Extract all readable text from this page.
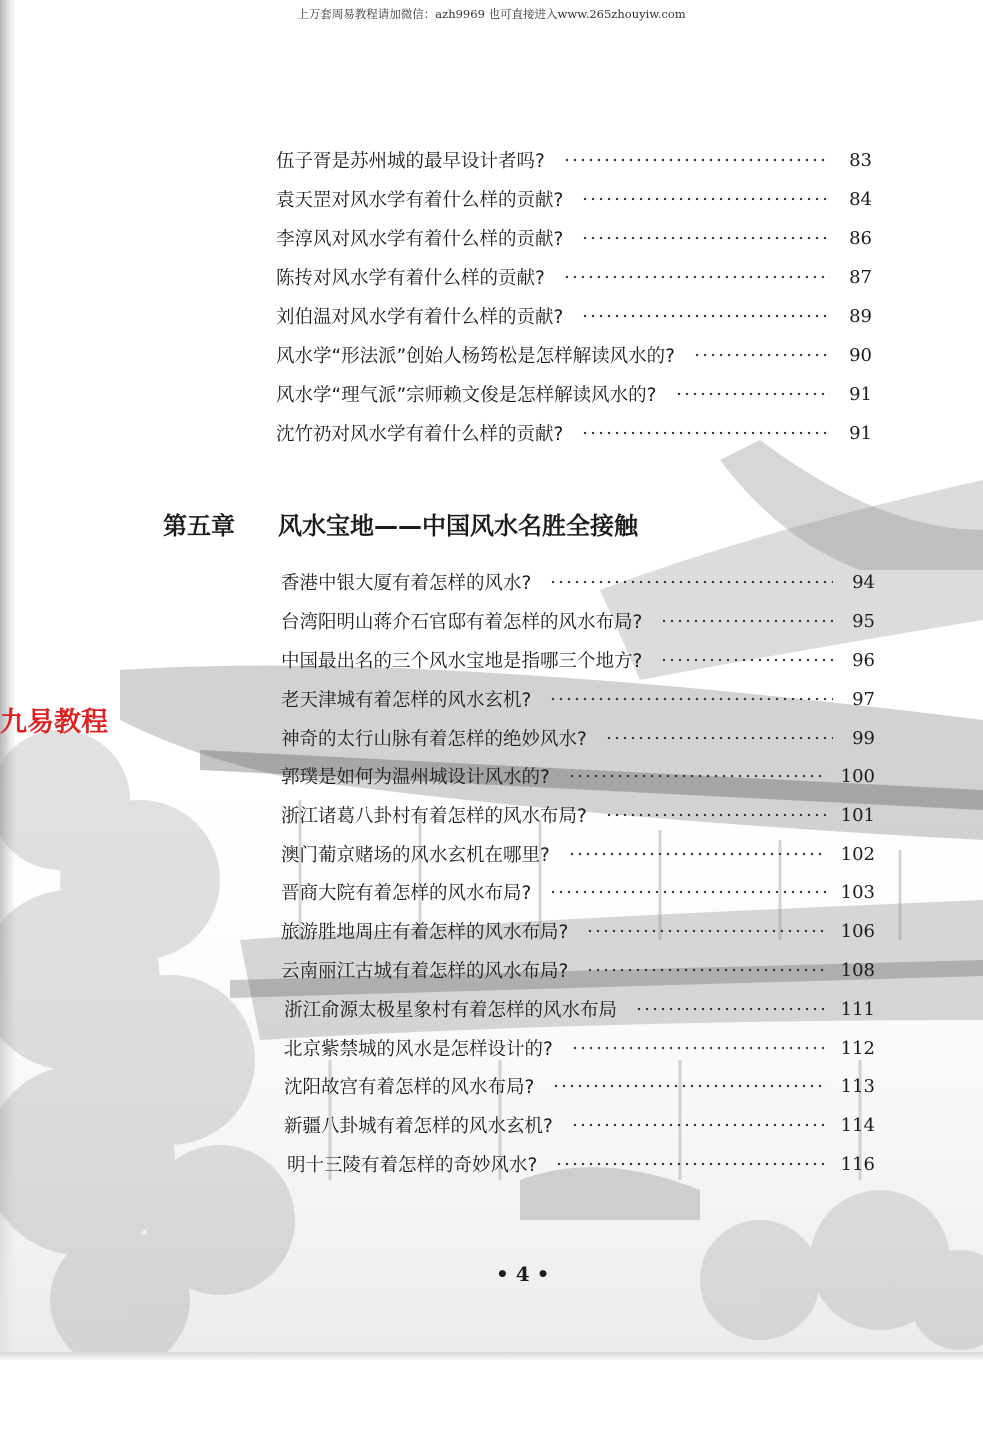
上万套周易教程请加微信：azh9969 也可直接进入www.265zhouyiw.com
伍子胥是苏州城的最早设计者吗?	83
袁天罡对风水学有着什么样的贡献?	84
李淳风对风水学有着什么样的贡献?	86
陈抟对风水学有着什么样的贡献?	87
刘伯温对风水学有着什么样的贡献?	89
风水学“形法派”创始人杨筠松是怎样解读风水的?	90
风水学“理气派”宗师赖文俊是怎样解读风水的?	91
沈竹礽对风水学有着什么样的贡献?	91
第五章 风水宝地——中国风水名胜全接触
九易教程
香港中银大厦有着怎样的风水?	94
台湾阳明山蒋介石官邸有着怎样的风水布局?	95
中国最出名的三个风水宝地是指哪三个地方?	96
老天津城有着怎样的风水玄机?	97
神奇的太行山脉有着怎样的绝妙风水?	99
郭璞是如何为温州城设计风水的?	100
浙江诸葛八卦村有着怎样的风水布局?	101
澳门葡京赌场的风水玄机在哪里?	102
晋商大院有着怎样的风水布局?	103
旅游胜地周庄有着怎样的风水布局?	106
云南丽江古城有着怎样的风水布局?	108
浙江俞源太极星象村有着怎样的风水布局	111
北京紫禁城的风水是怎样设计的?	112
沈阳故宫有着怎样的风水布局?	113
新疆八卦城有着怎样的风水玄机?	114
明十三陵有着怎样的奇妙风水?	116
• 4 •
